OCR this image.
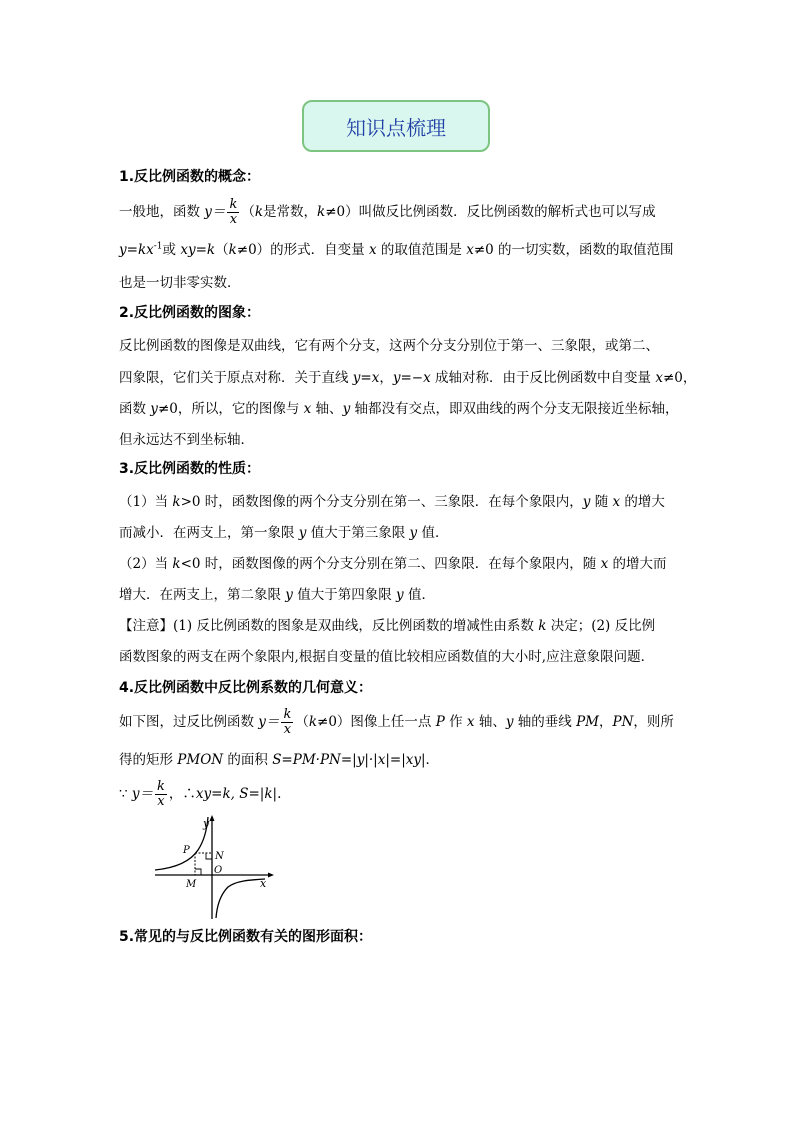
知识点梳理
1.反比例函数的概念：
一般地，函数 $y= \frac{k}{x} (k$是常数，k≠0）叫做反比例函数．反比例函数的解析式也可以写成
$y=kx^{-1}$或 xy=k（k≠0）的形式．自变量 x 的取值范围是 x≠0 的一切实数，函数的取值范围
也是一切非零实数．
2.反比例函数的图象：
反比例函数的图像是双曲线，它有两个分支，这两个分支分别位于第一、三象限，或第二、
四象限，它们关于原点对称．关于直线 y=x，y=−x 成轴对称．由于反比例函数中自变量 x≠0，
函数 y≠0，所以，它的图像与 x 轴、y 轴都没有交点，即双曲线的两个分支无限接近坐标轴，
但永远达不到坐标轴．
3.反比例函数的性质：
（1）当 k>0 时，函数图像的两个分支分别在第一、三象限．在每个象限内，y 随 x 的增大
而减小．在两支上，第一象限 y 值大于第三象限 y 值．
（2）当 k<0 时，函数图像的两个分支分别在第二、四象限．在每个象限内，随 x 的增大而
增大．在两支上，第二象限 y 值大于第四象限 y 值．
【注意】(1) 反比例函数的图象是双曲线，反比例函数的增减性由系数 k 决定；(2) 反比例
函数图象的两支在两个象限内,根据自变量的值比较相应函数值的大小时,应注意象限问题．
4.反比例函数中反比例系数的几何意义：
如下图，过反比例函数 $y= \frac{k}{x} (k\ne 0)$图像上任一点 P 作 x 轴、y 轴的垂线 PM，PN，则所
得的矩形 PMON 的面积 S=PM·PN=|y|·|x|=|xy|．
∵ $y= \frac{k}{x}$ ，∴xy=k, S=|k|.
y
x
P
N
O
M
5.常见的与反比例函数有关的图形面积：
